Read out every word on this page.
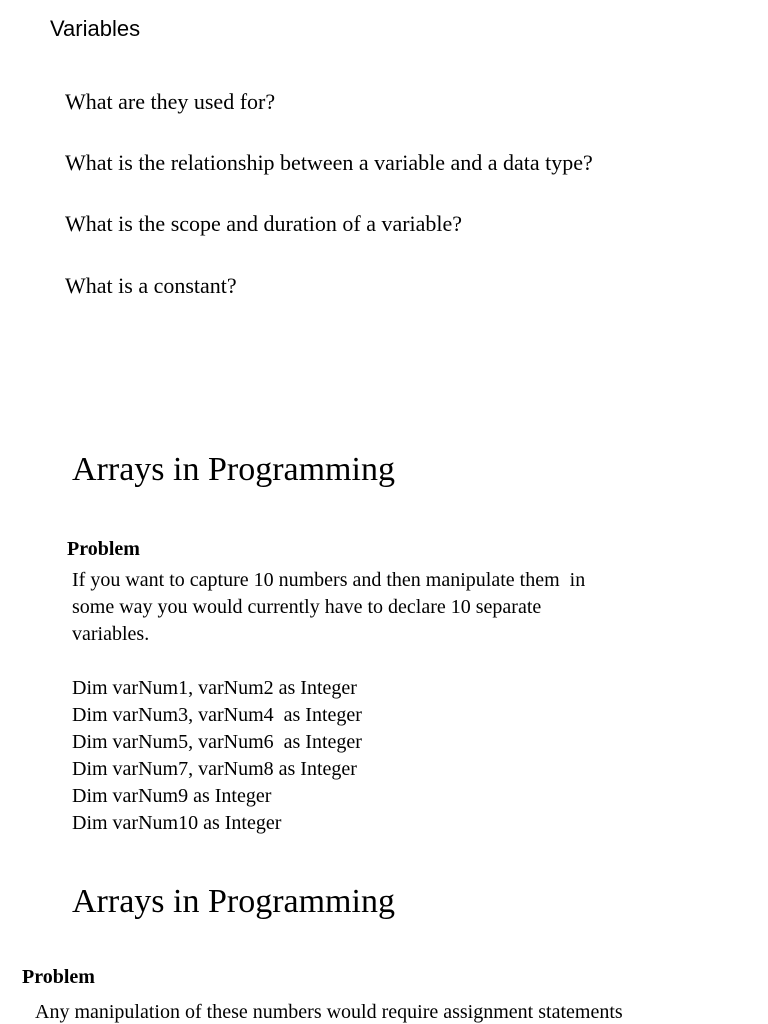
Variables
What are they used for?
What is the relationship between a variable and a data type?
What is the scope and duration of a variable?
What is a constant?
Arrays in Programming
Problem
If you want to capture 10 numbers and then manipulate them  in
some way you would currently have to declare 10 separate
variables.
Dim varNum1, varNum2 as Integer
Dim varNum3, varNum4  as Integer
Dim varNum5, varNum6  as Integer
Dim varNum7, varNum8 as Integer
Dim varNum9 as Integer
Dim varNum10 as Integer
Arrays in Programming
Problem
Any manipulation of these numbers would require assignment statements
